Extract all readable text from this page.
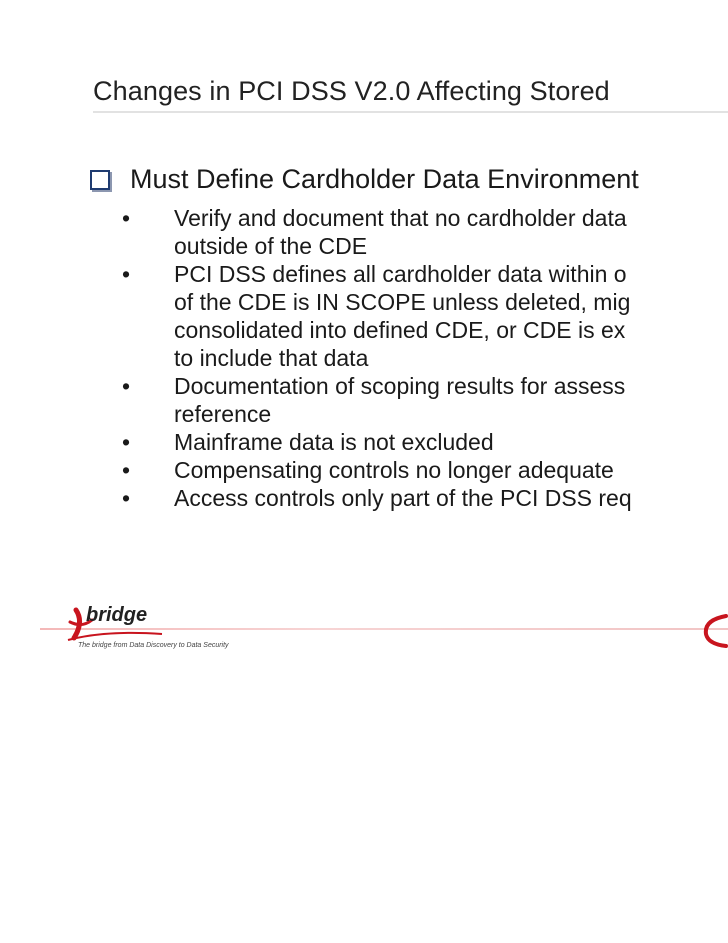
Changes in PCI DSS V2.0 Affecting Stored
Must Define Cardholder Data Environment
•	Verify and document that no cardholder data
outside of the CDE
•	PCI DSS defines all cardholder data within o
of the CDE is IN SCOPE unless deleted, mig
consolidated into defined CDE, or CDE is ex
to include that data
•	Documentation of scoping results for assess
reference
•	Mainframe data is not excluded
•	Compensating controls no longer adequate
•	Access controls only part of the PCI DSS req
bridge
The bridge from Data Discovery to Data Security
